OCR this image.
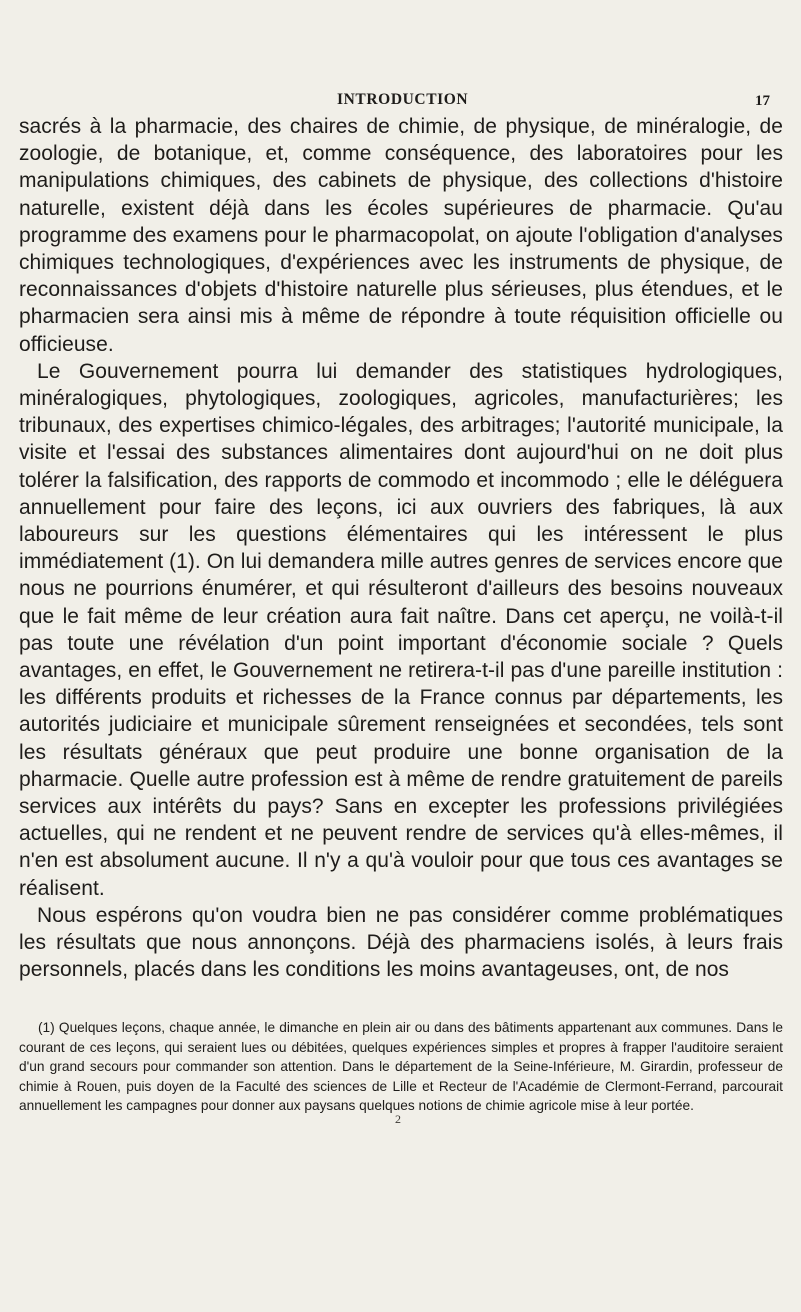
INTRODUCTION	17

sacrés à la pharmacie, des chaires de chimie, de physique, de minéralogie, de zoologie, de botanique, et, comme conséquence, des laboratoires pour les manipulations chimiques, des cabinets de physique, des collections d'histoire naturelle, existent déjà dans les écoles supérieures de pharmacie. Qu'au programme des examens pour le pharmacopolat, on ajoute l'obligation d'analyses chimiques technologiques, d'expériences avec les instruments de physique, de reconnaissances d'objets d'histoire naturelle plus sérieuses, plus étendues, et le pharmacien sera ainsi mis à même de répondre à toute réquisition officielle ou officieuse.

Le Gouvernement pourra lui demander des statistiques hydrologiques, minéralogiques, phytologiques, zoologiques, agricoles, manufacturières; les tribunaux, des expertises chimico-légales, des arbitrages; l'autorité municipale, la visite et l'essai des substances alimentaires dont aujourd'hui on ne doit plus tolérer la falsification, des rapports de commodo et incommodo ; elle le déléguera annuellement pour faire des leçons, ici aux ouvriers des fabriques, là aux laboureurs sur les questions élémentaires qui les intéressent le plus immédiatement (1). On lui demandera mille autres genres de services encore que nous ne pourrions énumérer, et qui résulteront d'ailleurs des besoins nouveaux que le fait même de leur création aura fait naître. Dans cet aperçu, ne voilà-t-il pas toute une révélation d'un point important d'économie sociale ? Quels avantages, en effet, le Gouvernement ne retirera-t-il pas d'une pareille institution : les différents produits et richesses de la France connus par départements, les autorités judiciaire et municipale sûrement renseignées et secondées, tels sont les résultats généraux que peut produire une bonne organisation de la pharmacie. Quelle autre profession est à même de rendre gratuitement de pareils services aux intérêts du pays? Sans en excepter les professions privilégiées actuelles, qui ne rendent et ne peuvent rendre de services qu'à elles-mêmes, il n'en est absolument aucune. Il n'y a qu'à vouloir pour que tous ces avantages se réalisent.

Nous espérons qu'on voudra bien ne pas considérer comme problématiques les résultats que nous annonçons. Déjà des pharmaciens isolés, à leurs frais personnels, placés dans les conditions les moins avantageuses, ont, de nos

(1) Quelques leçons, chaque année, le dimanche en plein air ou dans des bâtiments appartenant aux communes. Dans le courant de ces leçons, qui seraient lues ou débitées, quelques expériences simples et propres à frapper l'auditoire seraient d'un grand secours pour commander son attention. Dans le département de la Seine-Inférieure, M. Girardin, professeur de chimie à Rouen, puis doyen de la Faculté des sciences de Lille et Recteur de l'Académie de Clermont-Ferrand, parcourait annuellement les campagnes pour donner aux paysans quelques notions de chimie agricole mise à leur portée.

2
